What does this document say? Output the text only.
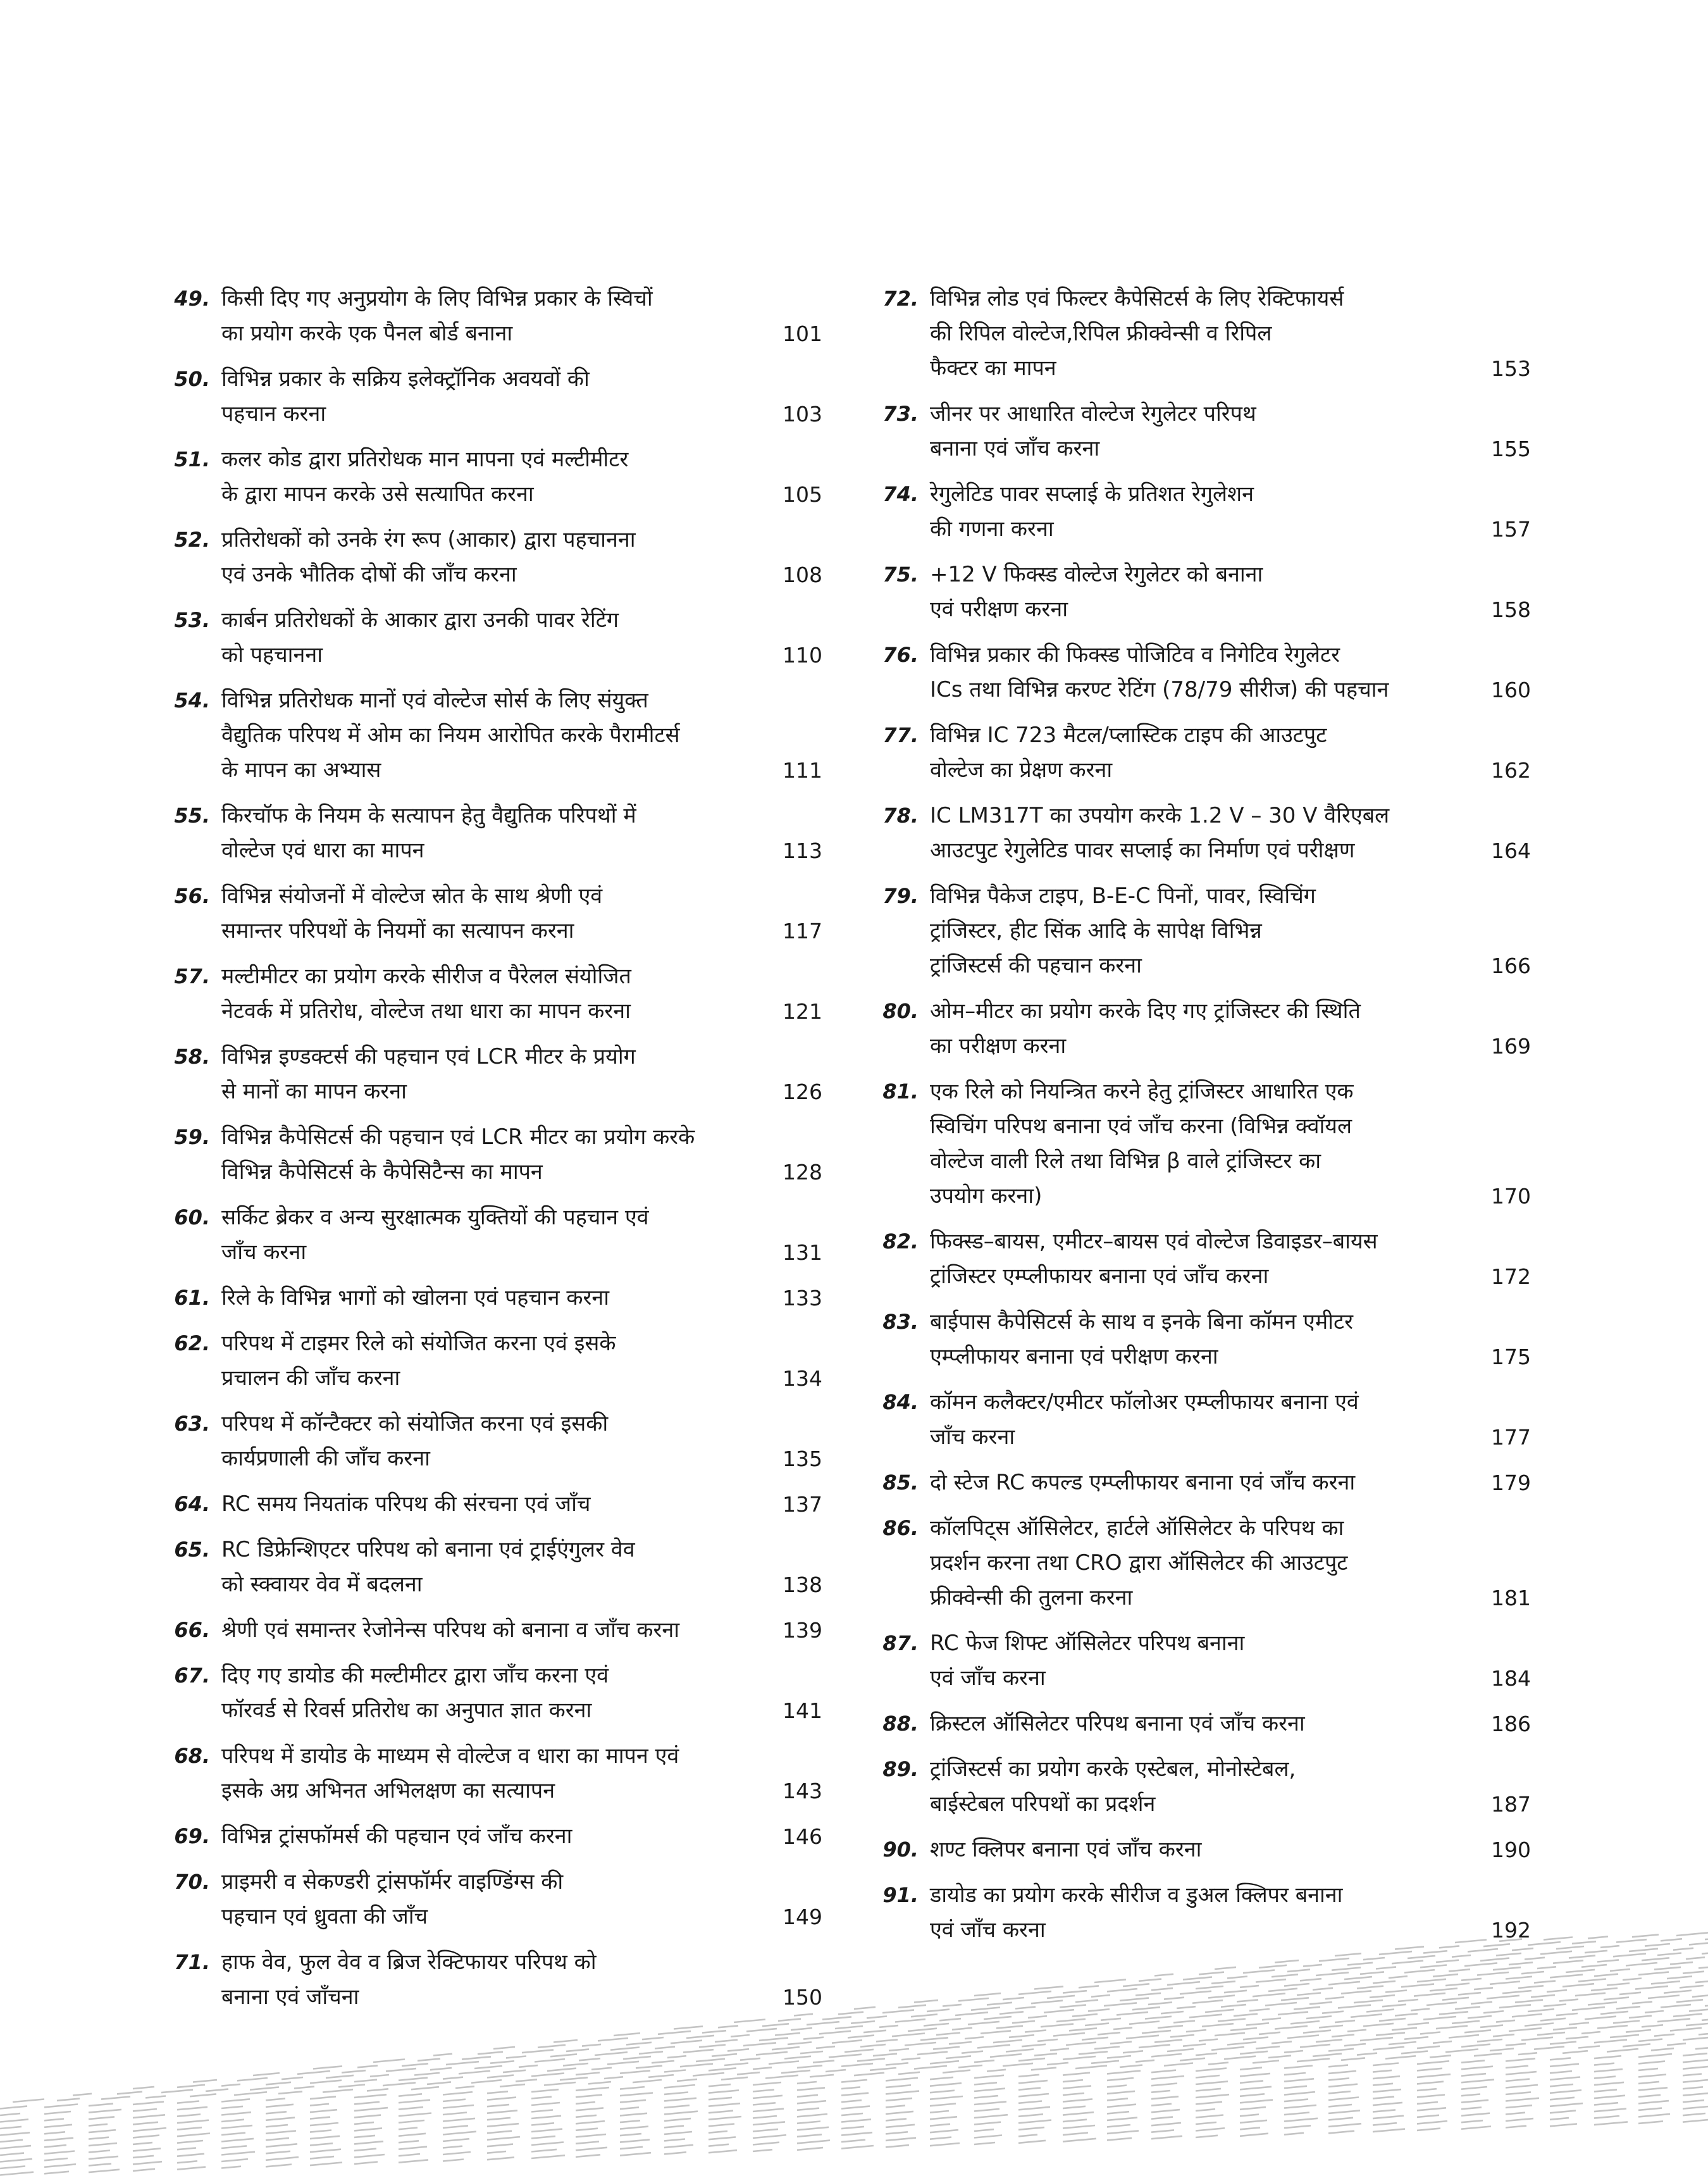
49. किसी दिए गए अनुप्रयोग के लिए विभिन्न प्रकार के स्विचों
का प्रयोग करके एक पैनल बोर्ड बनाना	101
50. विभिन्न प्रकार के सक्रिय इलेक्ट्रॉनिक अवयवों की
पहचान करना	103
51. कलर कोड द्वारा प्रतिरोधक मान मापना एवं मल्टीमीटर
के द्वारा मापन करके उसे सत्यापित करना	105
52. प्रतिरोधकों को उनके रंग रूप (आकार) द्वारा पहचानना
एवं उनके भौतिक दोषों की जाँच करना	108
53. कार्बन प्रतिरोधकों के आकार द्वारा उनकी पावर रेटिंग
को पहचानना	110
54. विभिन्न प्रतिरोधक मानों एवं वोल्टेज सोर्स के लिए संयुक्त
वैद्युतिक परिपथ में ओम का नियम आरोपित करके पैरामीटर्स
के मापन का अभ्यास	111
55. किरचॉफ के नियम के सत्यापन हेतु वैद्युतिक परिपथों में
वोल्टेज एवं धारा का मापन	113
56. विभिन्न संयोजनों में वोल्टेज स्रोत के साथ श्रेणी एवं
समान्तर परिपथों के नियमों का सत्यापन करना	117
57. मल्टीमीटर का प्रयोग करके सीरीज व पैरेलल संयोजित
नेटवर्क में प्रतिरोध, वोल्टेज तथा धारा का मापन करना	121
58. विभिन्न इण्डक्टर्स की पहचान एवं LCR मीटर के प्रयोग
से मानों का मापन करना	126
59. विभिन्न कैपेसिटर्स की पहचान एवं LCR मीटर का प्रयोग करके
विभिन्न कैपेसिटर्स के कैपेसिटैन्स का मापन	128
60. सर्किट ब्रेकर व अन्य सुरक्षात्मक युक्तियों की पहचान एवं
जाँच करना	131
61. रिले के विभिन्न भागों को खोलना एवं पहचान करना	133
62. परिपथ में टाइमर रिले को संयोजित करना एवं इसके
प्रचालन की जाँच करना	134
63. परिपथ में कॉन्टैक्टर को संयोजित करना एवं इसकी
कार्यप्रणाली की जाँच करना	135
64. RC समय नियतांक परिपथ की संरचना एवं जाँच	137
65. RC डिफ्रेन्शिएटर परिपथ को बनाना एवं ट्राईएंगुलर वेव
को स्क्वायर वेव में बदलना	138
66. श्रेणी एवं समान्तर रेजोनेन्स परिपथ को बनाना व जाँच करना	139
67. दिए गए डायोड की मल्टीमीटर द्वारा जाँच करना एवं
फॉरवर्ड से रिवर्स प्रतिरोध का अनुपात ज्ञात करना	141
68. परिपथ में डायोड के माध्यम से वोल्टेज व धारा का मापन एवं
इसके अग्र अभिनत अभिलक्षण का सत्यापन	143
69. विभिन्न ट्रांसफॉमर्स की पहचान एवं जाँच करना	146
70. प्राइमरी व सेकण्डरी ट्रांसफॉर्मर वाइण्डिंग्स की
पहचान एवं ध्रुवता की जाँच	149
71. हाफ वेव, फुल वेव व ब्रिज रेक्टिफायर परिपथ को
बनाना एवं जाँचना	150
72. विभिन्न लोड एवं फिल्टर कैपेसिटर्स के लिए रेक्टिफायर्स
की रिपिल वोल्टेज,रिपिल फ्रीक्वेन्सी व रिपिल
फैक्टर का मापन	153
73. जीनर पर आधारित वोल्टेज रेगुलेटर परिपथ
बनाना एवं जाँच करना	155
74. रेगुलेटिड पावर सप्लाई के प्रतिशत रेगुलेशन
की गणना करना	157
75. +12 V फिक्स्ड वोल्टेज रेगुलेटर को बनाना
एवं परीक्षण करना	158
76. विभिन्न प्रकार की फिक्स्ड पोजिटिव व निगेटिव रेगुलेटर
ICs तथा विभिन्न करण्ट रेटिंग (78/79 सीरीज) की पहचान	160
77. विभिन्न IC 723 मैटल/प्लास्टिक टाइप की आउटपुट
वोल्टेज का प्रेक्षण करना	162
78. IC LM317T का उपयोग करके 1.2 V – 30 V वैरिएबल
आउटपुट रेगुलेटिड पावर सप्लाई का निर्माण एवं परीक्षण	164
79. विभिन्न पैकेज टाइप, B-E-C पिनों, पावर, स्विचिंग
ट्रांजिस्टर, हीट सिंक आदि के सापेक्ष विभिन्न
ट्रांजिस्टर्स की पहचान करना	166
80. ओम–मीटर का प्रयोग करके दिए गए ट्रांजिस्टर की स्थिति
का परीक्षण करना	169
81. एक रिले को नियन्त्रित करने हेतु ट्रांजिस्टर आधारित एक
स्विचिंग परिपथ बनाना एवं जाँच करना (विभिन्न क्वॉयल
वोल्टेज वाली रिले तथा विभिन्न β वाले ट्रांजिस्टर का
उपयोग करना)	170
82. फिक्स्ड–बायस, एमीटर–बायस एवं वोल्टेज डिवाइडर–बायस
ट्रांजिस्टर एम्प्लीफायर बनाना एवं जाँच करना	172
83. बाईपास कैपेसिटर्स के साथ व इनके बिना कॉमन एमीटर
एम्प्लीफायर बनाना एवं परीक्षण करना	175
84. कॉमन कलैक्टर/एमीटर फॉलोअर एम्प्लीफायर बनाना एवं
जाँच करना	177
85. दो स्टेज RC कपल्ड एम्प्लीफायर बनाना एवं जाँच करना	179
86. कॉलपिट्स ऑसिलेटर, हार्टले ऑसिलेटर के परिपथ का
प्रदर्शन करना तथा CRO द्वारा ऑसिलेटर की आउटपुट
फ्रीक्वेन्सी की तुलना करना	181
87. RC फेज शिफ्ट ऑसिलेटर परिपथ बनाना
एवं जाँच करना	184
88. क्रिस्टल ऑसिलेटर परिपथ बनाना एवं जाँच करना	186
89. ट्रांजिस्टर्स का प्रयोग करके एस्टेबल, मोनोस्टेबल,
बाईस्टेबल परिपथों का प्रदर्शन	187
90. शण्ट क्लिपर बनाना एवं जाँच करना	190
91. डायोड का प्रयोग करके सीरीज व डुअल क्लिपर बनाना
एवं जाँच करना	192
